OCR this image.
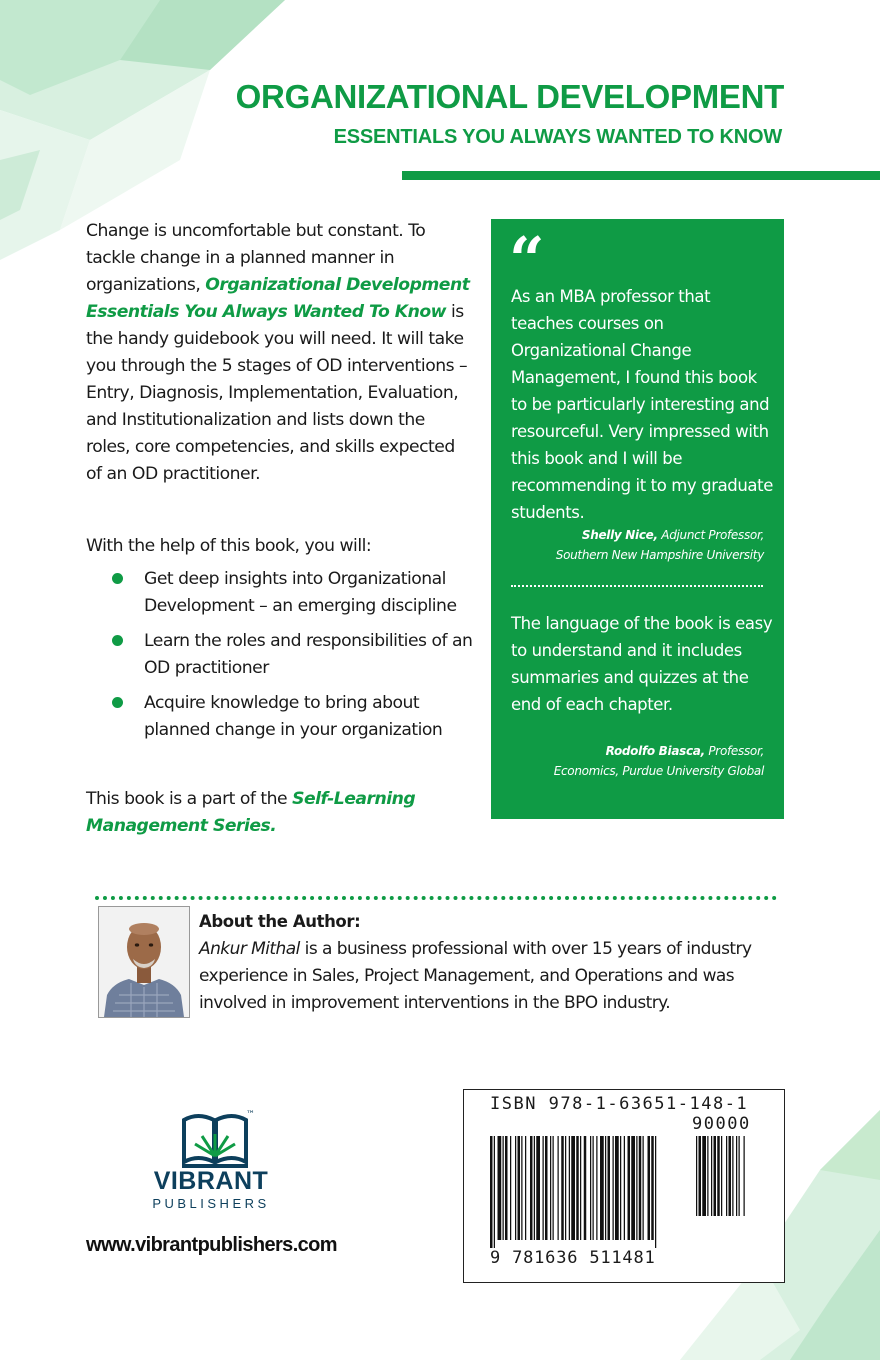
ORGANIZATIONAL DEVELOPMENT
ESSENTIALS YOU ALWAYS WANTED TO KNOW

Change is uncomfortable but constant. To tackle change in a planned manner in organizations, Organizational Development Essentials You Always Wanted To Know is the handy guidebook you will need. It will take you through the 5 stages of OD interventions – Entry, Diagnosis, Implementation, Evaluation, and Institutionalization and lists down the roles, core competencies, and skills expected of an OD practitioner.

With the help of this book, you will:

Get deep insights into Organizational Development – an emerging discipline
Learn the roles and responsibilities of an OD practitioner
Acquire knowledge to bring about planned change in your organization

This book is a part of the Self-Learning Management Series.

“

As an MBA professor that teaches courses on Organizational Change Management, I found this book to be particularly interesting and resourceful. Very impressed with this book and I will be recommending it to my graduate students.

Shelly Nice, Adjunct Professor,
Southern New Hampshire University

The language of the book is easy to understand and it includes summaries and quizzes at the end of each chapter.

Rodolfo Biasca, Professor,
Economics, Purdue University Global

About the Author:

Ankur Mithal is a business professional with over 15 years of industry experience in Sales, Project Management, and Operations and was involved in improvement interventions in the BPO industry.

™

VIBRANT

PUBLISHERS

www.vibrantpublishers.com

ISBN 978-1-63651-148-1

90000

9 781636 511481
